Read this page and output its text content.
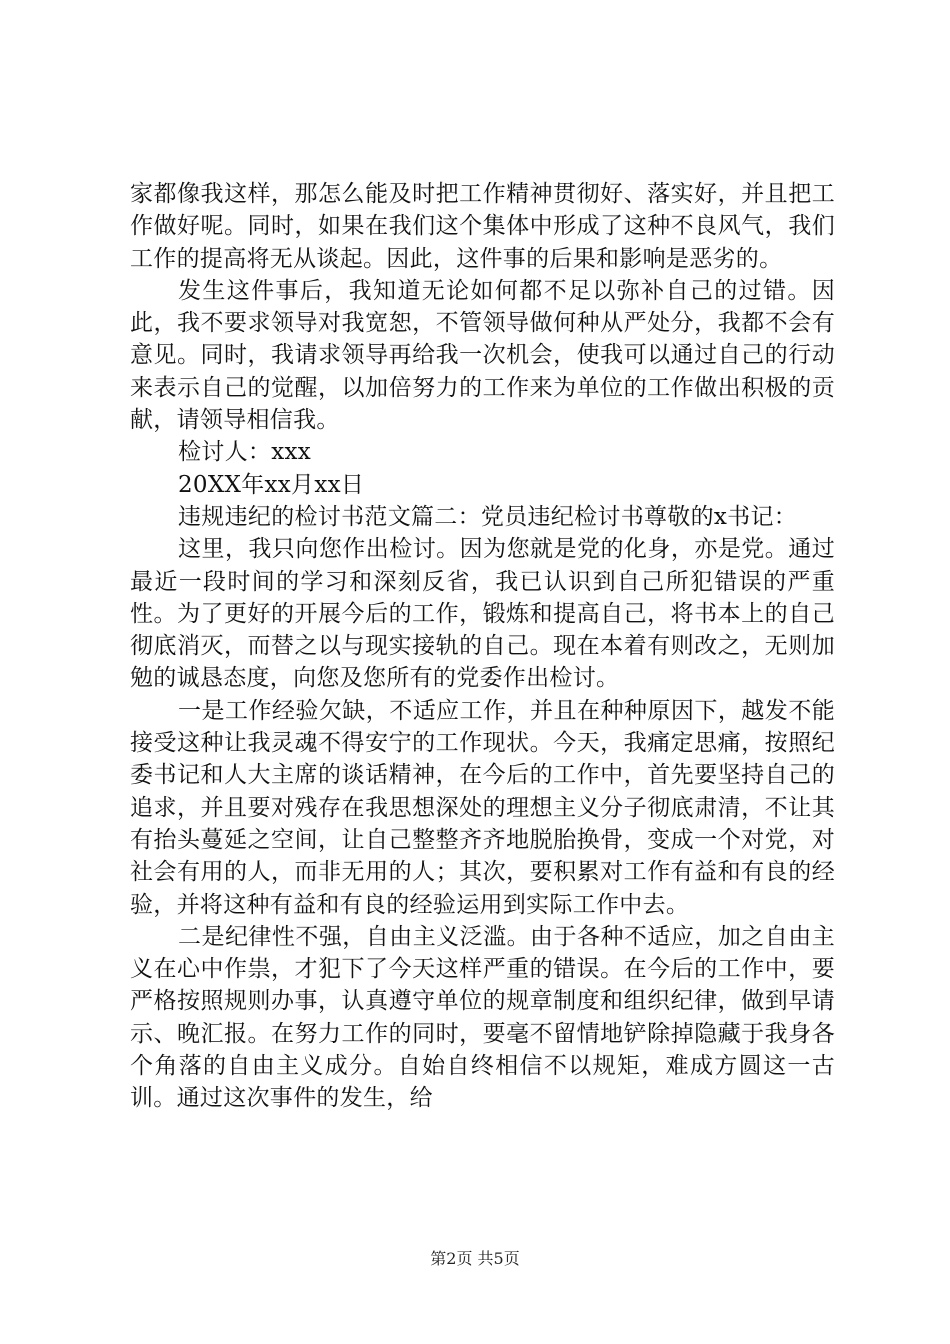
家都像我这样，那怎么能及时把工作精神贯彻好、落实好，并且把工作做好呢。同时，如果在我们这个集体中形成了这种不良风气，我们工作的提高将无从谈起。因此，这件事的后果和影响是恶劣的。

发生这件事后，我知道无论如何都不足以弥补自己的过错。因此，我不要求领导对我宽恕，不管领导做何种从严处分，我都不会有意见。同时，我请求领导再给我一次机会，使我可以通过自己的行动来表示自己的觉醒，以加倍努力的工作来为单位的工作做出积极的贡献，请领导相信我。

检讨人：xxx

20XX年xx月xx日

违规违纪的检讨书范文篇二：党员违纪检讨书尊敬的x书记：

这里，我只向您作出检讨。因为您就是党的化身，亦是党。通过最近一段时间的学习和深刻反省，我已认识到自己所犯错误的严重性。为了更好的开展今后的工作，锻炼和提高自己，将书本上的自己彻底消灭，而替之以与现实接轨的自己。现在本着有则改之，无则加勉的诚恳态度，向您及您所有的党委作出检讨。

一是工作经验欠缺，不适应工作，并且在种种原因下，越发不能接受这种让我灵魂不得安宁的工作现状。今天，我痛定思痛，按照纪委书记和人大主席的谈话精神，在今后的工作中，首先要坚持自己的追求，并且要对残存在我思想深处的理想主义分子彻底肃清，不让其有抬头蔓延之空间，让自己整整齐齐地脱胎换骨，变成一个对党，对社会有用的人，而非无用的人；其次，要积累对工作有益和有良的经验，并将这种有益和有良的经验运用到实际工作中去。

二是纪律性不强，自由主义泛滥。由于各种不适应，加之自由主义在心中作祟，才犯下了今天这样严重的错误。在今后的工作中，要严格按照规则办事，认真遵守单位的规章制度和组织纪律，做到早请示、晚汇报。在努力工作的同时，要毫不留情地铲除掉隐藏于我身各个角落的自由主义成分。自始自终相信不以规矩，难成方圆这一古训。通过这次事件的发生，给

第2页 共5页
